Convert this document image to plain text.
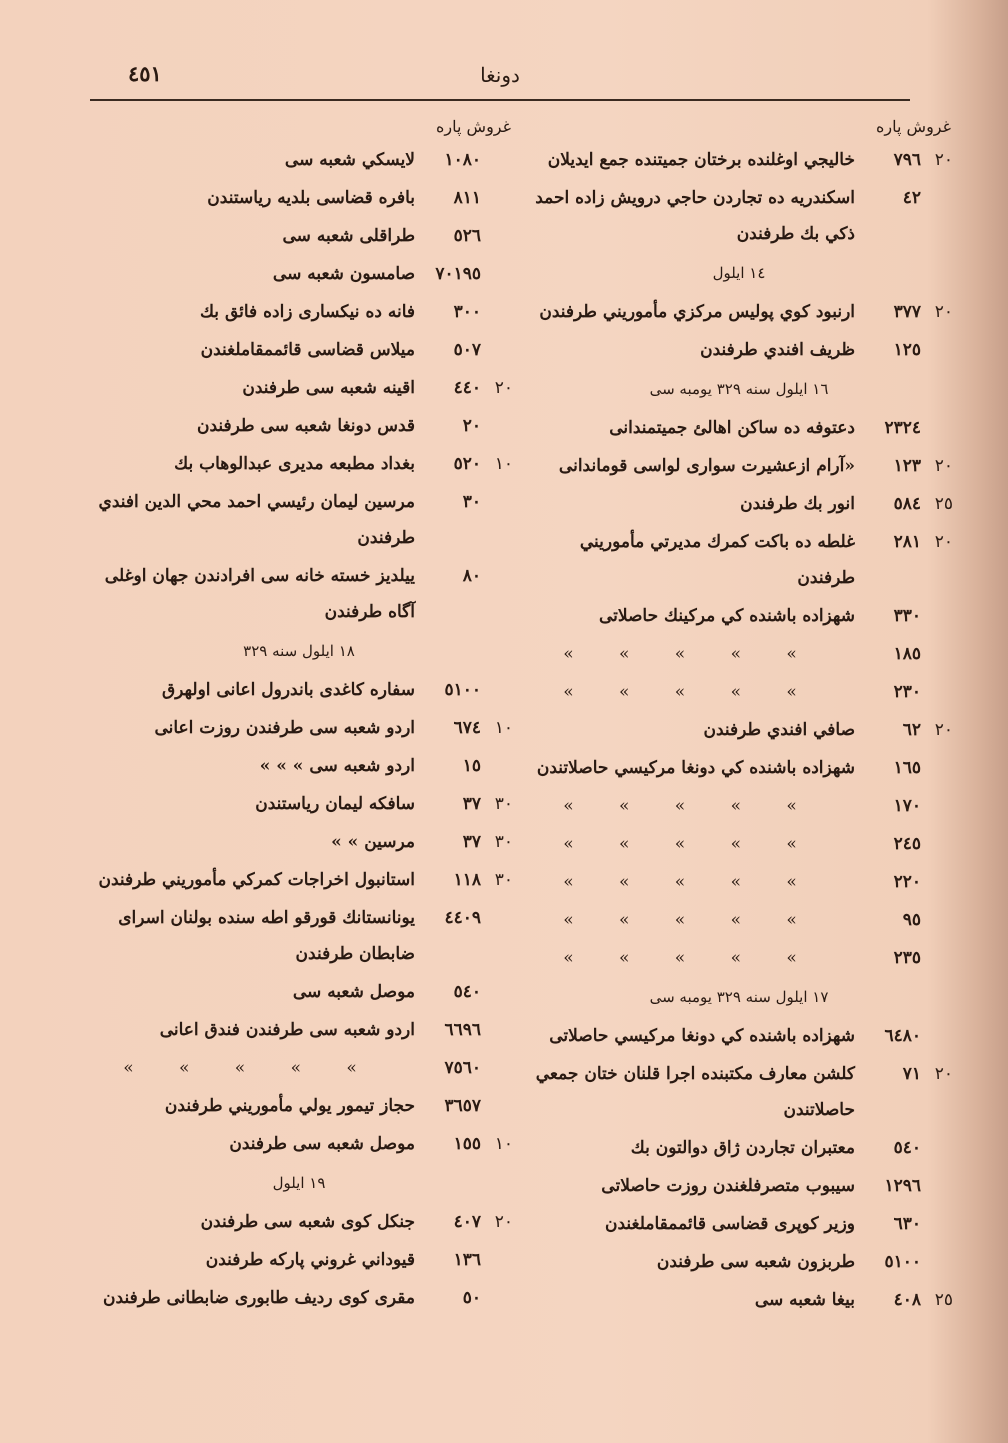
٤٥١	دونغا
غروش پاره
٢٠
٧٩٦
خاليجي اوغلنده برختان جميتنده جمع ايديلان
٤٢
اسكندريه ده تجاردن حاجي درويش زاده احمد ذكي بك طرفندن
١٤ ايلول
٢٠
٣٧٧
ارنبود كوي پوليس مركزي مأموريني طرفندن
١٢٥
ظريف افندي طرفندن
١٦ ايلول سنه ٣٢٩ يومبه سى
٢٣٢٤
دعتوفه ده ساكن اهالئ جميتمندانى
٢٠
١٢٣
«آرام ازعشيرت سوارى لواسى قوماندانى
٢٥
٥٨٤
انور بك طرفندن
٢٠
٢٨١
غلطه ده باكت كمرك مديرتي مأموريني طرفندن
٣٣٠
شهزاده باشنده كي مركينك حاصلاتى
١٨٥
» » » » »
٢٣٠
» » » » »
٢٠
٦٢
صافي افندي طرفندن
١٦٥
شهزاده باشنده كي دونغا مركيسي حاصلاتندن
١٧٠
» » » » »
٢٤٥
» » » » »
٢٢٠
» » » » »
٩٥
» » » » »
٢٣٥
» » » » »
١٧ ايلول سنه ٣٢٩ يومبه سى
٦٤٨٠
شهزاده باشنده كي دونغا مركيسي حاصلاتى
٢٠
٧١
كلشن معارف مكتبنده اجرا قلنان ختان جمعي حاصلاتندن
٥٤٠
معتبران تجاردن ژاق دوالتون بك
١٢٩٦
سيبوب متصرفلغندن روزت حاصلاتى
٦٣٠
وزير كوپرى قضاسى قائممقاملغندن
٥١٠٠
طربزون شعبه سى طرفندن
٢٥
٤٠٨
بيغا شعبه سى
غروش پاره
١٠٨٠
لايسكي شعبه سى
٨١١
بافره قضاسى بلديه رياستندن
٥٢٦
طراقلى شعبه سى
٧٠١٩٥
صامسون شعبه سى
٣٠٠
فانه ده نيكسارى زاده فائق بك
٥٠٧
ميلاس قضاسى قائممقاملغندن
٢٠
٤٤٠
اقينه شعبه سى طرفندن
٢٠
قدس دونغا شعبه سى طرفندن
١٠
٥٢٠
بغداد مطبعه مديرى عبدالوهاب بك
٣٠
مرسين ليمان رئيسي احمد محي الدين افندي طرفندن
٨٠
ييلديز خسته خانه سى افرادندن جهان اوغلى آگاه طرفندن
١٨ ايلول سنه ٣٢٩
٥١٠٠
سفاره كاغدى باندرول اعانى اولهرق
١٠
٦٧٤
اردو شعبه سى طرفندن روزت اعانى
١٥
اردو شعبه سى » » »
٣٠
٣٧
سافكه ليمان رياستندن
٣٠
٣٧
مرسين » »
٣٠
١١٨
استانبول اخراجات كمركي مأموريني طرفندن
٤٤٠٩
يونانستانك قورقو اطه سنده بولنان اسراى ضابطان طرفندن
٥٤٠
موصل شعبه سى
٦٦٩٦
اردو شعبه سى طرفندن فندق اعانى
٧٥٦٠
» » » » »
٣٦٥٧
حجاز تيمور يولي مأموريني طرفندن
١٠
١٥٥
موصل شعبه سى طرفندن
١٩ ايلول
٢٠
٤٠٧
جنكل كوى شعبه سى طرفندن
١٣٦
قيوداني غروني پاركه طرفندن
٥٠
مقرى كوى رديف طابورى ضابطانى طرفندن
